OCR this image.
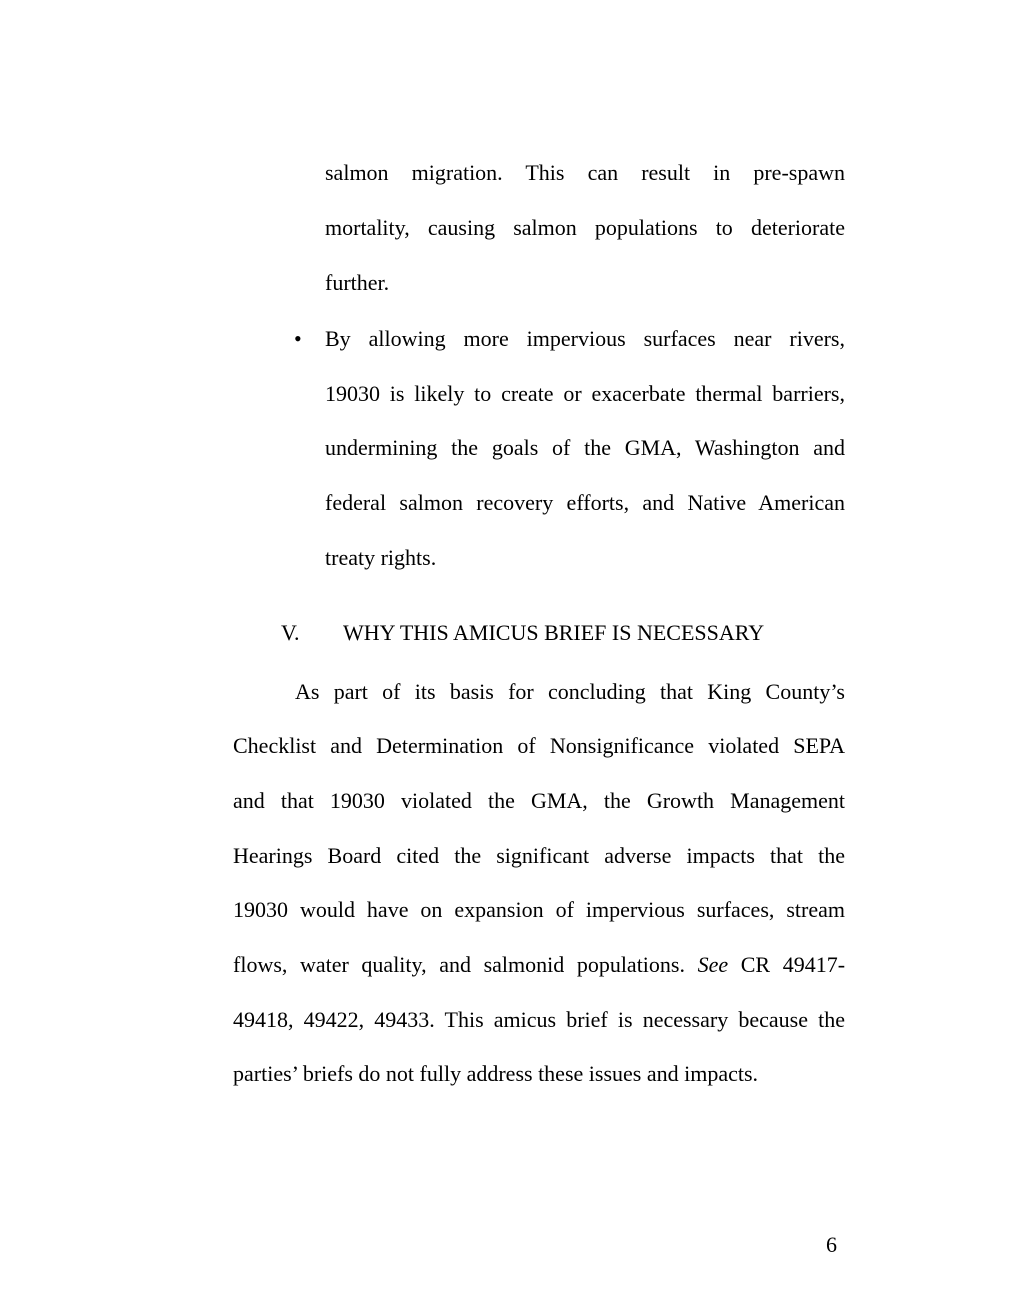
salmon migration. This can result in pre-spawn
mortality, causing salmon populations to deteriorate
further.
• By allowing more impervious surfaces near rivers,
19030 is likely to create or exacerbate thermal barriers,
undermining the goals of the GMA, Washington and
federal salmon recovery efforts, and Native American
treaty rights.
V. WHY THIS AMICUS BRIEF IS NECESSARY
As part of its basis for concluding that King County’s
Checklist and Determination of Nonsignificance violated SEPA
and that 19030 violated the GMA, the Growth Management
Hearings Board cited the significant adverse impacts that the
19030 would have on expansion of impervious surfaces, stream
flows, water quality, and salmonid populations. See CR 49417-
49418, 49422, 49433. This amicus brief is necessary because the
parties’ briefs do not fully address these issues and impacts.
6
